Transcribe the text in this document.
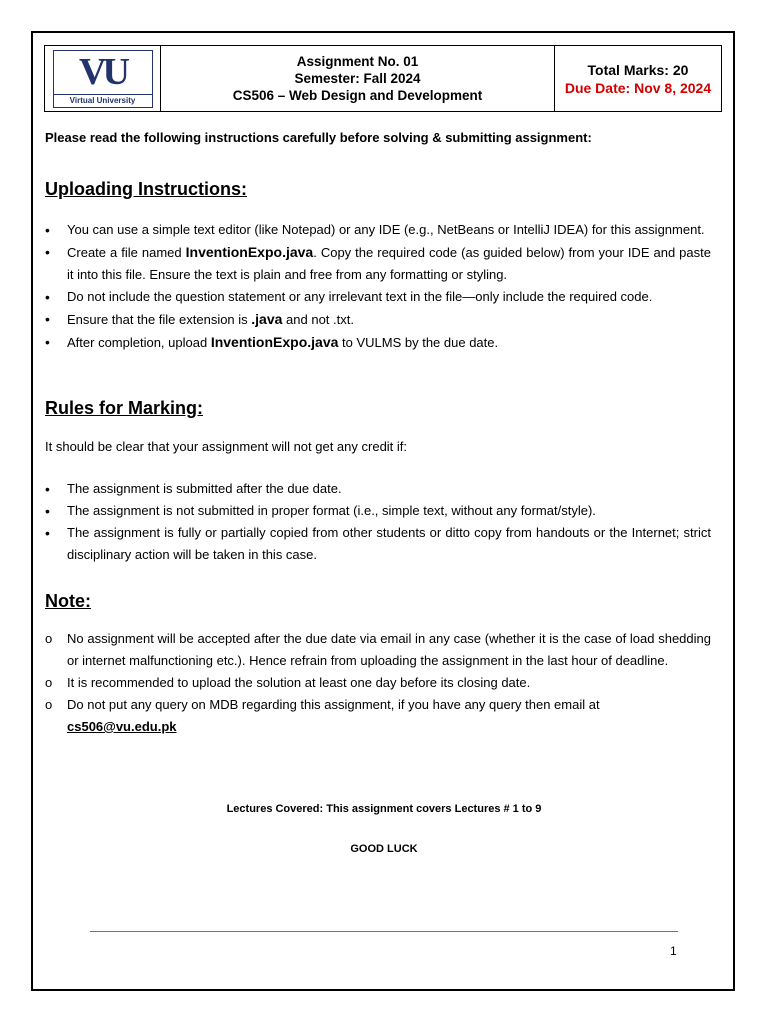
VU
Virtual University
Assignment No. 01
Semester: Fall 2024
CS506 – Web Design and Development
Total Marks: 20
Due Date: Nov 8, 2024
Please read the following instructions carefully before solving & submitting assignment:
Uploading Instructions:
• You can use a simple text editor (like Notepad) or any IDE (e.g., NetBeans or IntelliJ IDEA) for this assignment.
• Create a file named InventionExpo.java. Copy the required code (as guided below) from your IDE and paste it into this file. Ensure the text is plain and free from any formatting or styling.
• Do not include the question statement or any irrelevant text in the file—only include the required code.
• Ensure that the file extension is .java and not .txt.
• After completion, upload InventionExpo.java to VULMS by the due date.
Rules for Marking:
It should be clear that your assignment will not get any credit if:
• The assignment is submitted after the due date.
• The assignment is not submitted in proper format (i.e., simple text, without any format/style).
• The assignment is fully or partially copied from other students or ditto copy from handouts or the Internet; strict disciplinary action will be taken in this case.
Note:
o No assignment will be accepted after the due date via email in any case (whether it is the case of load shedding or internet malfunctioning etc.). Hence refrain from uploading the assignment in the last hour of deadline.
o It is recommended to upload the solution at least one day before its closing date.
o Do not put any query on MDB regarding this assignment, if you have any query then email at
cs506@vu.edu.pk
Lectures Covered: This assignment covers Lectures # 1 to 9
GOOD LUCK
1
